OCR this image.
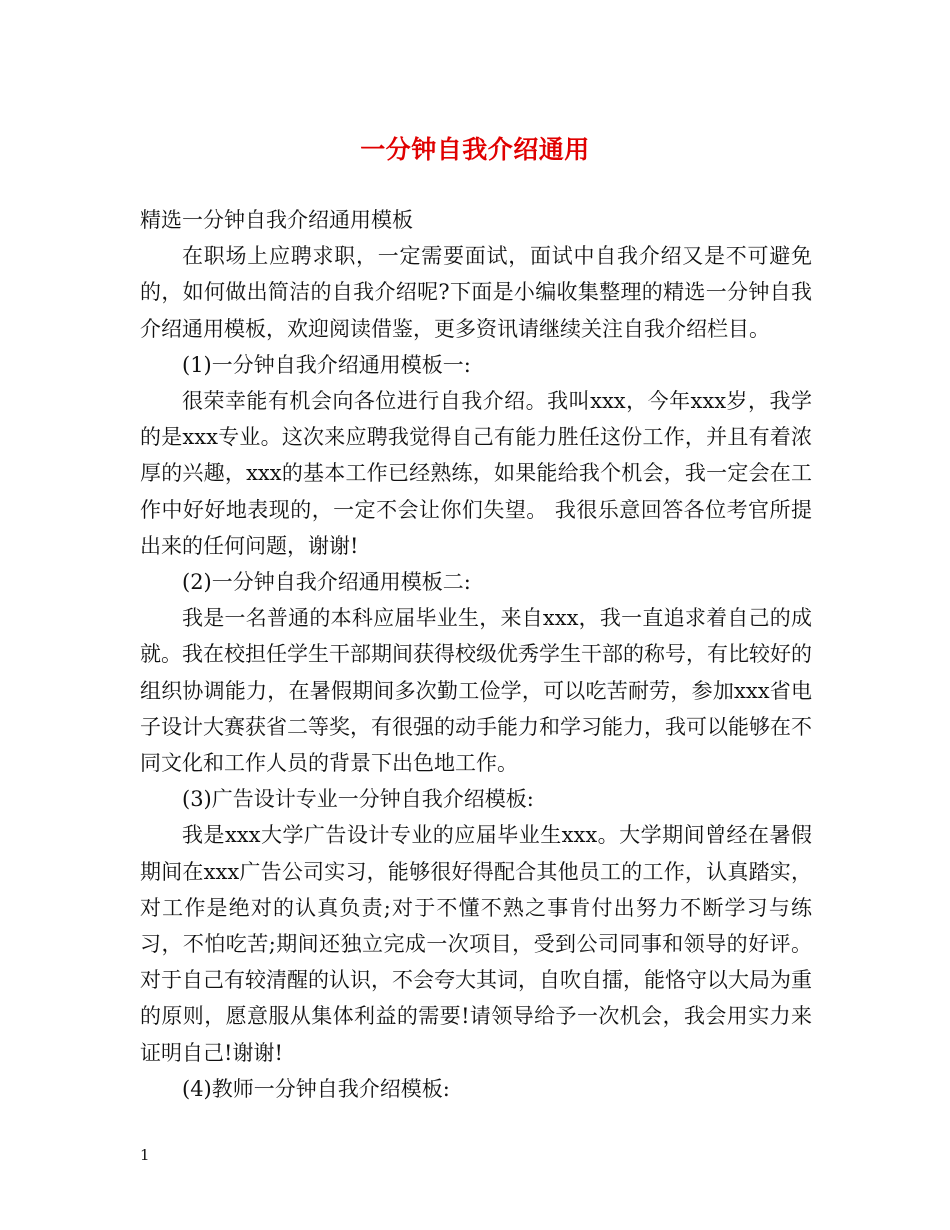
一分钟自我介绍通用

精选一分钟自我介绍通用模板

在职场上应聘求职，一定需要面试，面试中自我介绍又是不可避免的，如何做出简洁的自我介绍呢?下面是小编收集整理的精选一分钟自我介绍通用模板，欢迎阅读借鉴，更多资讯请继续关注自我介绍栏目。

(1)一分钟自我介绍通用模板一:

很荣幸能有机会向各位进行自我介绍。我叫xxx，今年xxx岁，我学的是xxx专业。这次来应聘我觉得自己有能力胜任这份工作，并且有着浓厚的兴趣，xxx的基本工作已经熟练，如果能给我个机会，我一定会在工作中好好地表现的，一定不会让你们失望。 我很乐意回答各位考官所提出来的任何问题，谢谢!

(2)一分钟自我介绍通用模板二:

我是一名普通的本科应届毕业生，来自xxx，我一直追求着自己的成就。我在校担任学生干部期间获得校级优秀学生干部的称号，有比较好的组织协调能力，在暑假期间多次勤工俭学，可以吃苦耐劳，参加xxx省电子设计大赛获省二等奖，有很强的动手能力和学习能力，我可以能够在不同文化和工作人员的背景下出色地工作。

(3)广告设计专业一分钟自我介绍模板:

我是xxx大学广告设计专业的应届毕业生xxx。大学期间曾经在暑假期间在xxx广告公司实习，能够很好得配合其他员工的工作，认真踏实，对工作是绝对的认真负责;对于不懂不熟之事肯付出努力不断学习与练习，不怕吃苦;期间还独立完成一次项目，受到公司同事和领导的好评。对于自己有较清醒的认识，不会夸大其词，自吹自擂，能恪守以大局为重的原则，愿意服从集体利益的需要!请领导给予一次机会，我会用实力来证明自己!谢谢!

(4)教师一分钟自我介绍模板:

1
